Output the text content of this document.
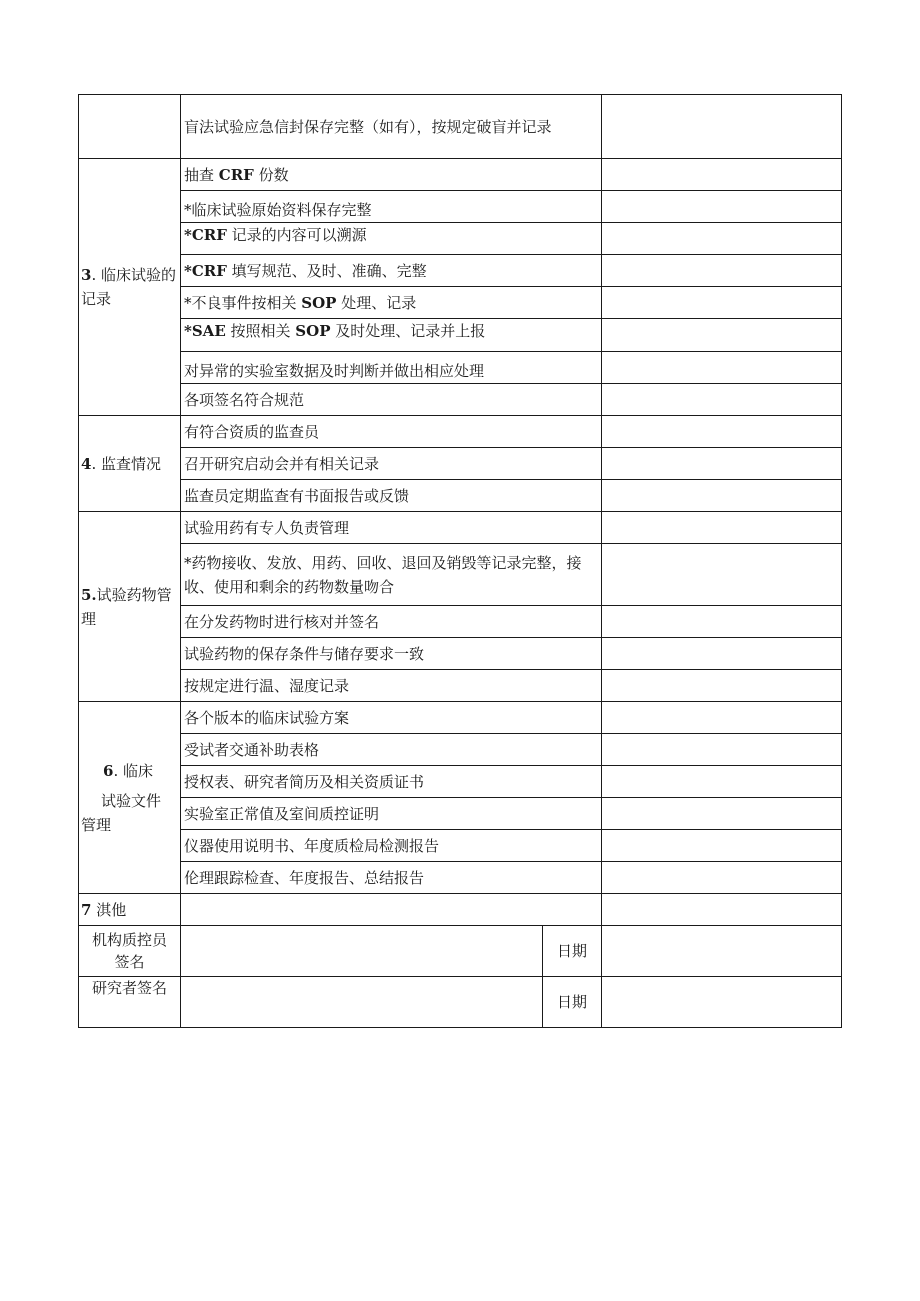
	盲法试验应急信封保存完整（如有），按规定破盲并记录		
3. 临床试验的记录	抽查 CRF 份数		
	*临床试验原始资料保存完整		
	*CRF 记录的内容可以溯源		
	*CRF 填写规范、及时、准确、完整		
	*不良事件按相关 SOP 处理、记录		
	*SAE 按照相关 SOP 及时处理、记录并上报		
	对异常的实验室数据及时判断并做出相应处理		
	各项签名符合规范		
4. 监查情况	有符合资质的监查员		
	召开研究启动会并有相关记录		
	监查员定期监查有书面报告或反馈		
5.试验药物管理	试验用药有专人负责管理		
	*药物接收、发放、用药、回收、退回及销毁等记录完整，接收、使用和剩余的药物数量吻合		
	在分发药物时进行核对并签名		
	试验药物的保存条件与储存要求一致		
	按规定进行温、湿度记录		

6. 临床
试验文件
管理	各个版本的临床试验方案		
	受试者交通补助表格		
	授权表、研究者简历及相关资质证书		
	实验室正常值及室间质控证明		
	仪器使用说明书、年度质检局检测报告		
	伦理跟踪检查、年度报告、总结报告		
7 淇他			
机构质控员
签名		日期	
研究者签名		日期	
